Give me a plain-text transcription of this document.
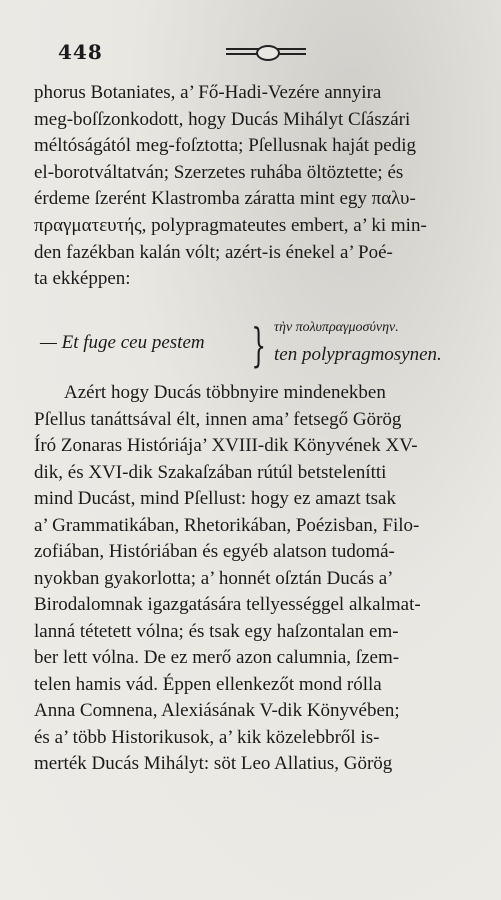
448
phorus Botaniates, a’ Fő-Hadi-Vezére annyira
meg-boſſzonkodott, hogy Ducás Mihályt Cſászári
méltóságától meg-foſztotta; Pſellusnak haját pedig
el-borotváltatván; Szerzetes ruhába öltöztette; és
érdeme ſzerént Klastromba záratta mint egy παλυ-
πραγματευτής, polypragmateutes embert, a’ ki min-
den fazékban kalán vólt; azért-is énekel a’ Poé-
ta ekképpen:
— Et fuge ceu pestem } τὴν πολυπραγμοσύνην.
ten polypragmosynen.
Azért hogy Ducás többnyire mindenekben
Pſellus tanáttsával élt, innen ama’ fetsegő Görög
Író Zonaras Históriája’ XVIII-dik Könyvének XV-
dik, és XVI-dik Szakaſzában rútúl betstelenítti
mind Ducást, mind Pſellust: hogy ez amazt tsak
a’ Grammatikában, Rhetorikában, Poézisban, Filo-
zofiában, Históriában és egyéb alatson tudomá-
nyokban gyakorlotta; a’ honnét oſztán Ducás a’
Birodalomnak igazgatására tellyességgel alkalmat-
lanná tétetett vólna; és tsak egy haſzontalan em-
ber lett vólna. De ez merő azon calumnia, ſzem-
telen hamis vád. Éppen ellenkezőt mond rólla
Anna Comnena, Alexiásának V-dik Könyvében;
és a’ több Historikusok, a’ kik közelebbről is-
merték Ducás Mihályt: söt Leo Allatius, Görög
